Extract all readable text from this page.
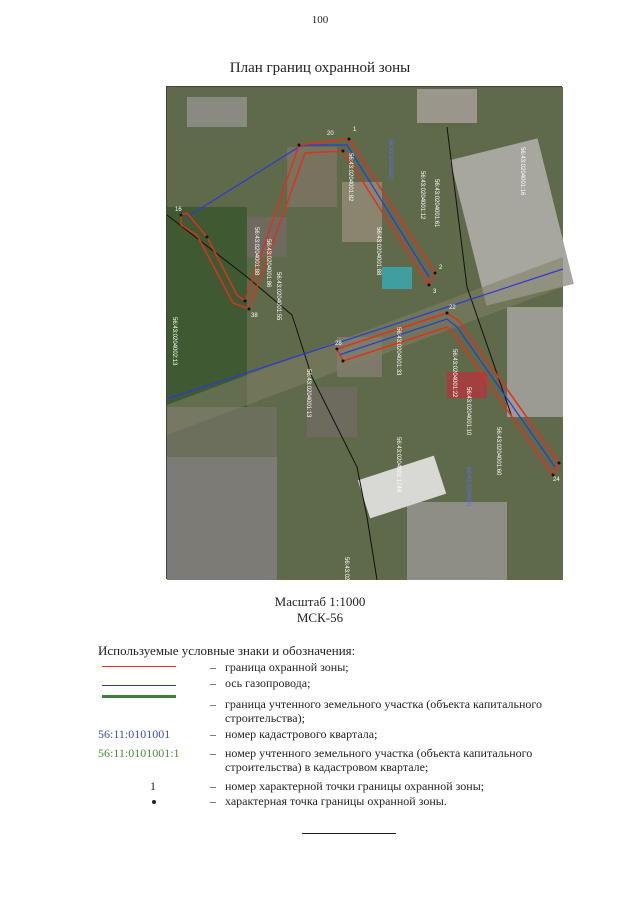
100
План границ охранной зоны
1
2
3
20
16
28
22
24
38
56:43:0204001:88 56:43:0204001:86
56:43:0204001:82	56:43:0204001:12 56:43:0204001:61
56:43:0204001:88
56:43:0204001:55
56:43:0204001:33
56:43:0204001:10
56:43:0204001:22
56:43:0204001:13
56:43:0204001:60
56:43:0204001:1748
56:43:0204001:16
56:43:0204002:13
56:43:0204001:2
56:43:0204001
56:43:0204001
Масштаб 1:1000
МСК-56
Используемые условные знаки и обозначения:
– граница охранной зоны;
– ось газопровода;
– граница учтенного земельного участка (объекта капитального строительства);
56:11:0101001	– номер кадастрового квартала;
56:11:0101001:1	– номер учтенного земельного участка (объекта капитального строительства) в кадастровом квартале;
1	– номер характерной точки границы охранной зоны;
– характерная точка границы охранной зоны.
